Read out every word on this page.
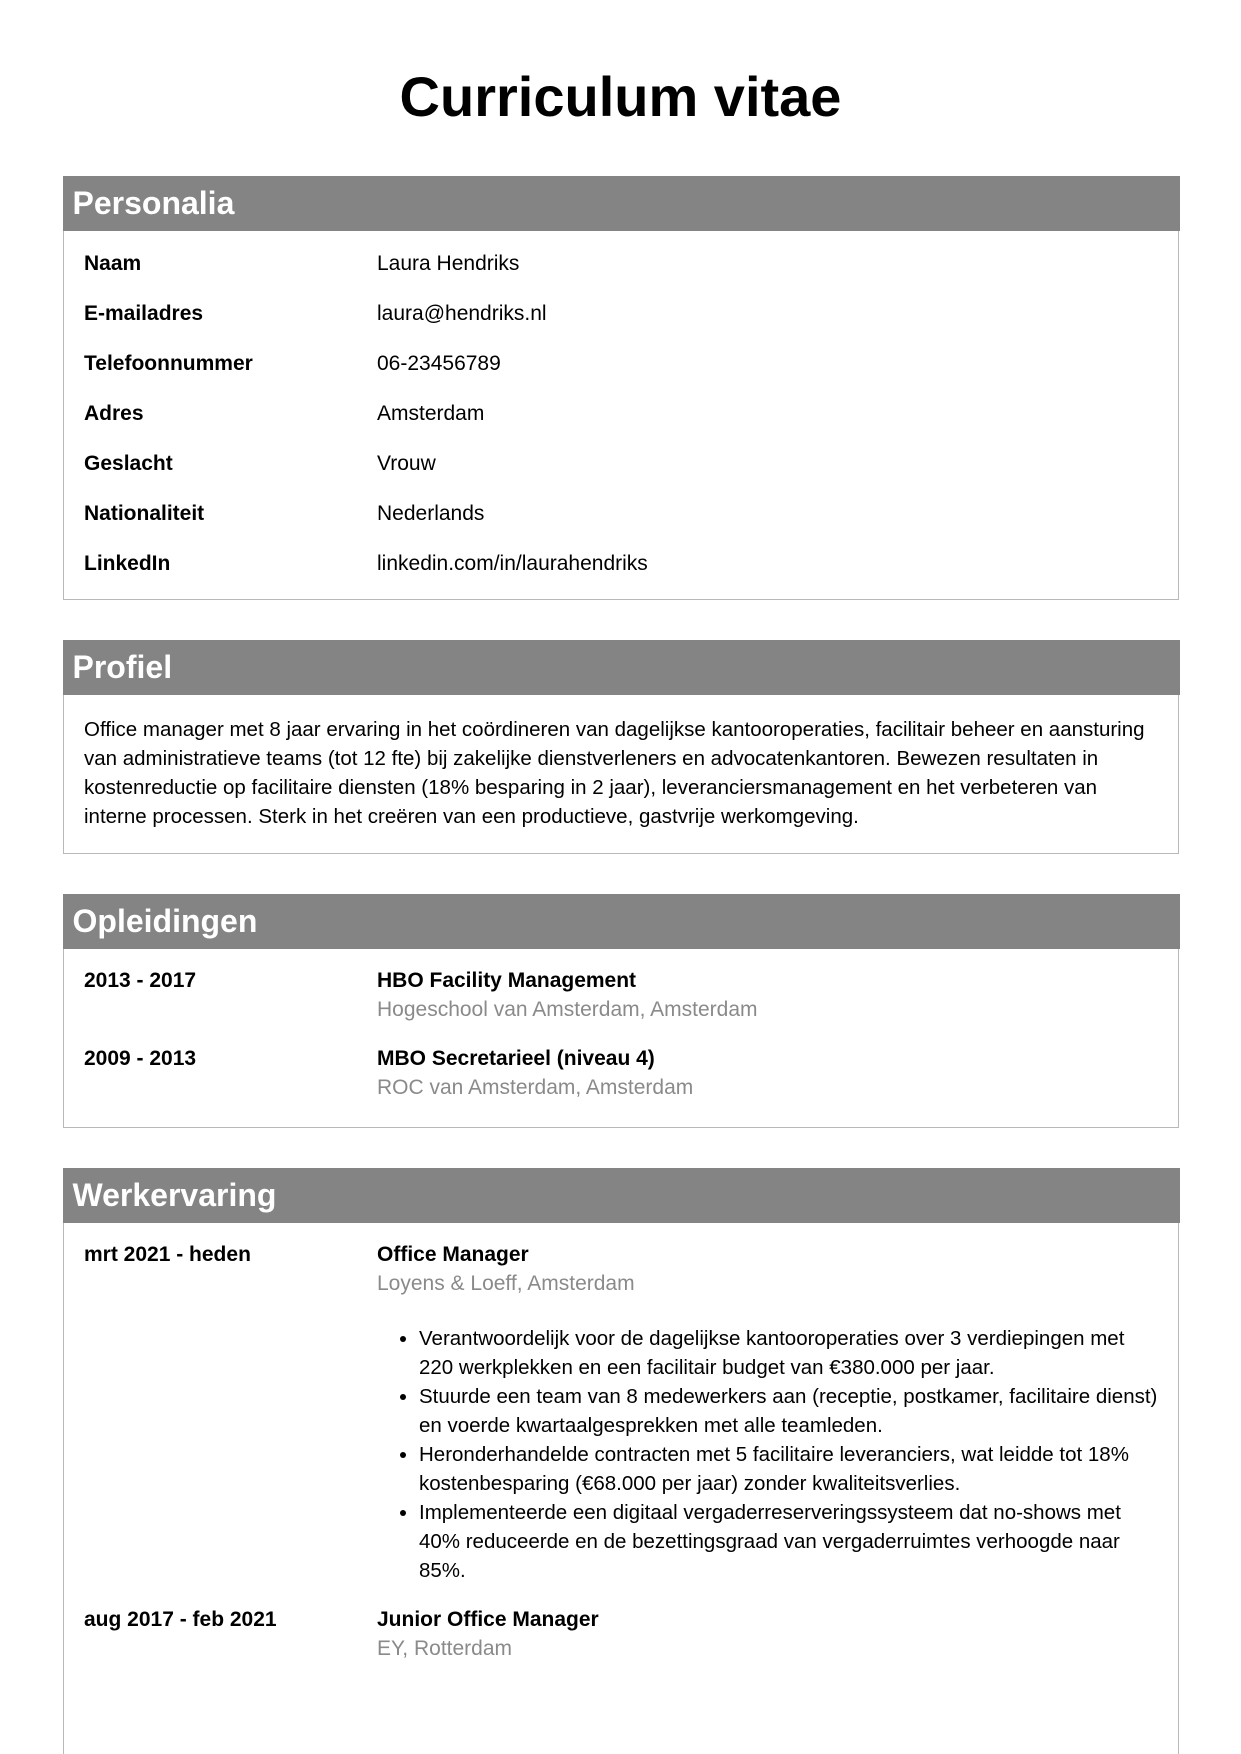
Curriculum vitae
Personalia
Naam	Laura Hendriks
E-mailadres	laura@hendriks.nl
Telefoonnummer	06-23456789
Adres	Amsterdam
Geslacht	Vrouw
Nationaliteit	Nederlands
LinkedIn	linkedin.com/in/laurahendriks
Profiel

Office manager met 8 jaar ervaring in het coördineren van dagelijkse kantooroperaties, facilitair beheer en aansturing van administratieve teams (tot 12 fte) bij zakelijke dienstverleners en advocatenkantoren. Bewezen resultaten in kostenreductie op facilitaire diensten (18% besparing in 2 jaar), leveranciersmanagement en het verbeteren van interne processen. Sterk in het creëren van een productieve, gastvrije werkomgeving.

Opleidingen
2013 - 2017	HBO Facility Management
Hogeschool van Amsterdam, Amsterdam
2009 - 2013	MBO Secretarieel (niveau 4)
ROC van Amsterdam, Amsterdam
Werkervaring
mrt 2021 - heden	Office Manager
Loyens & Loeff, Amsterdam
• Verantwoordelijk voor de dagelijkse kantooroperaties over 3 verdiepingen met 220 werkplekken en een facilitair budget van €380.000 per jaar.
• Stuurde een team van 8 medewerkers aan (receptie, postkamer, facilitaire dienst) en voerde kwartaalgesprekken met alle teamleden.
• Heronderhandelde contracten met 5 facilitaire leveranciers, wat leidde tot 18% kostenbesparing (€68.000 per jaar) zonder kwaliteitsverlies.
• Implementeerde een digitaal vergaderreserveringssysteem dat no-shows met 40% reduceerde en de bezettingsgraad van vergaderruimtes verhoogde naar 85%.
aug 2017 - feb 2021	Junior Office Manager
EY, Rotterdam
